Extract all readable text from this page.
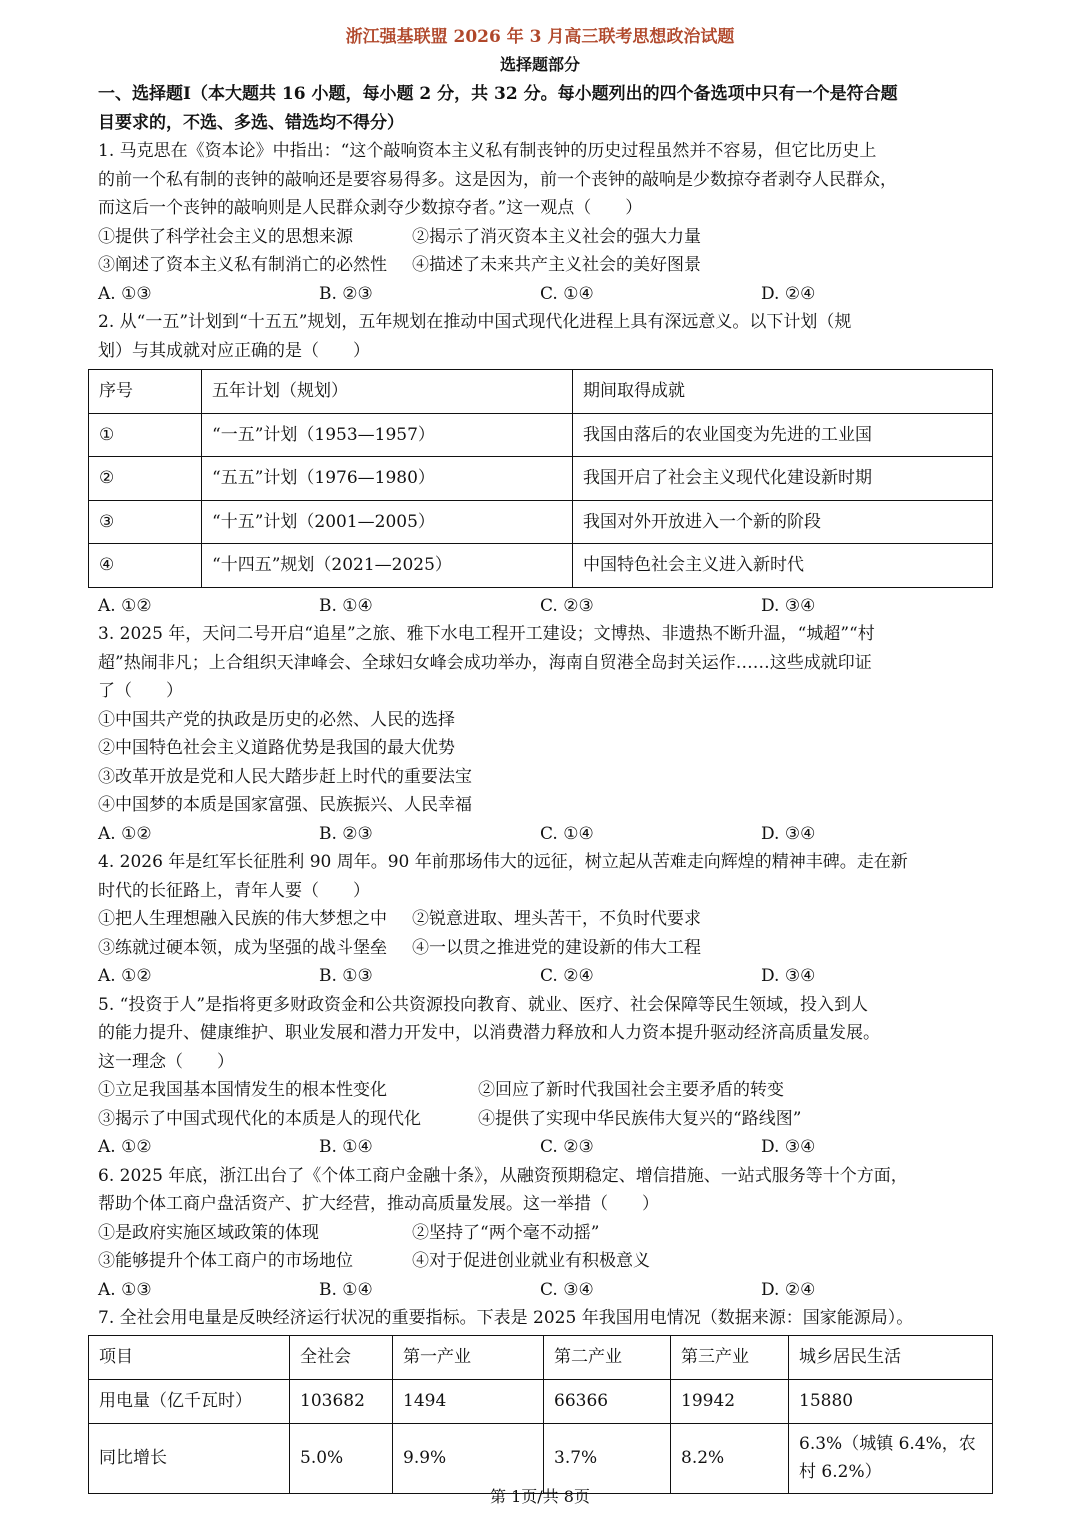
浙江强基联盟 2026 年 3 月高三联考思想政治试题
选择题部分
一、选择题Ⅰ（本大题共 16 小题，每小题 2 分，共 32 分。每小题列出的四个备选项中只有一个是符合题
目要求的，不选、多选、错选均不得分）
1. 马克思在《资本论》中指出：“这个敲响资本主义私有制丧钟的历史过程虽然并不容易，但它比历史上
的前一个私有制的丧钟的敲响还是要容易得多。这是因为，前一个丧钟的敲响是少数掠夺者剥夺人民群众，
而这后一个丧钟的敲响则是人民群众剥夺少数掠夺者。”这一观点（　　）
①提供了科学社会主义的思想来源	②揭示了消灭资本主义社会的强大力量
③阐述了资本主义私有制消亡的必然性	④描述了未来共产主义社会的美好图景
A. ①③	B. ②③	C. ①④	D. ②④
2. 从“一五”计划到“十五五”规划，五年规划在推动中国式现代化进程上具有深远意义。以下计划（规
划）与其成就对应正确的是（　　）
序号	五年计划（规划）	期间取得成就
①	“一五”计划（1953—1957）	我国由落后的农业国变为先进的工业国
②	“五五”计划（1976—1980）	我国开启了社会主义现代化建设新时期
③	“十五”计划（2001—2005）	我国对外开放进入一个新的阶段
④	“十四五”规划（2021—2025）	中国特色社会主义进入新时代
A. ①②	B. ①④	C. ②③	D. ③④
3. 2025 年，天问二号开启“追星”之旅、雅下水电工程开工建设；文博热、非遗热不断升温，“城超”“村
超”热闹非凡；上合组织天津峰会、全球妇女峰会成功举办，海南自贸港全岛封关运作……这些成就印证
了（　　）
①中国共产党的执政是历史的必然、人民的选择
②中国特色社会主义道路优势是我国的最大优势
③改革开放是党和人民大踏步赶上时代的重要法宝
④中国梦的本质是国家富强、民族振兴、人民幸福
A. ①②	B. ②③	C. ①④	D. ③④
4. 2026 年是红军长征胜利 90 周年。90 年前那场伟大的远征，树立起从苦难走向辉煌的精神丰碑。走在新
时代的长征路上，青年人要（　　）
①把人生理想融入民族的伟大梦想之中	②锐意进取、埋头苦干，不负时代要求
③练就过硬本领，成为坚强的战斗堡垒	④一以贯之推进党的建设新的伟大工程
A. ①②	B. ①③	C. ②④	D. ③④
5. “投资于人”是指将更多财政资金和公共资源投向教育、就业、医疗、社会保障等民生领域，投入到人
的能力提升、健康维护、职业发展和潜力开发中，以消费潜力释放和人力资本提升驱动经济高质量发展。
这一理念（　　）
①立足我国基本国情发生的根本性变化	②回应了新时代我国社会主要矛盾的转变
③揭示了中国式现代化的本质是人的现代化	④提供了实现中华民族伟大复兴的“路线图”
A. ①②	B. ①④	C. ②③	D. ③④
6. 2025 年底，浙江出台了《个体工商户金融十条》，从融资预期稳定、增信措施、一站式服务等十个方面，
帮助个体工商户盘活资产、扩大经营，推动高质量发展。这一举措（　　）
①是政府实施区域政策的体现	②坚持了“两个毫不动摇”
③能够提升个体工商户的市场地位	④对于促进创业就业有积极意义
A. ①③	B. ①④	C. ③④	D. ②④
7. 全社会用电量是反映经济运行状况的重要指标。下表是 2025 年我国用电情况（数据来源：国家能源局）。
项目	全社会	第一产业	第二产业	第三产业	城乡居民生活
用电量（亿千瓦时）	103682	1494	66366	19942	15880
同比增长	5.0%	9.9%	3.7%	8.2%	6.3%（城镇 6.4%，农村 6.2%）
第 1页/共 8页
